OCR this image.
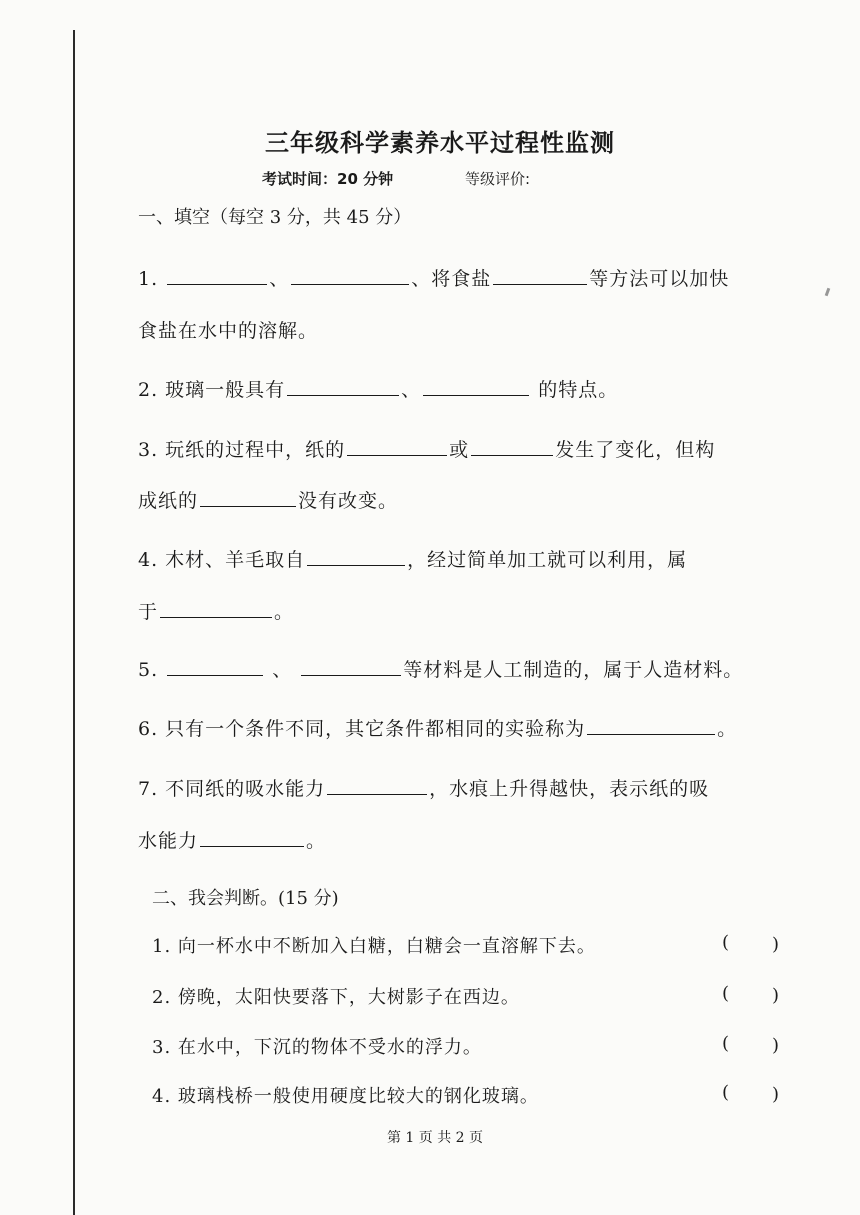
三年级科学素养水平过程性监测
考试时间：20 分钟	等级评价:
一、填空（每空 3 分，共 45 分）
1.	、	、将食盐	等方法可以加快
食盐在水中的溶解。
2. 玻璃一般具有	、	的特点。
3. 玩纸的过程中，纸的	或	发生了变化，但构
成纸的	没有改变。
4. 木材、羊毛取自	，经过简单加工就可以利用，属
于	。
5.	、	等材料是人工制造的，属于人造材料。
6. 只有一个条件不同，其它条件都相同的实验称为	。
7. 不同纸的吸水能力	，水痕上升得越快，表示纸的吸
水能力	。
二、我会判断。(15 分)
1. 向一杯水中不断加入白糖，白糖会一直溶解下去。	( )
2. 傍晚，太阳快要落下，大树影子在西边。	( )
3. 在水中，下沉的物体不受水的浮力。	( )
4. 玻璃栈桥一般使用硬度比较大的钢化玻璃。	( )
第 1 页 共 2 页
